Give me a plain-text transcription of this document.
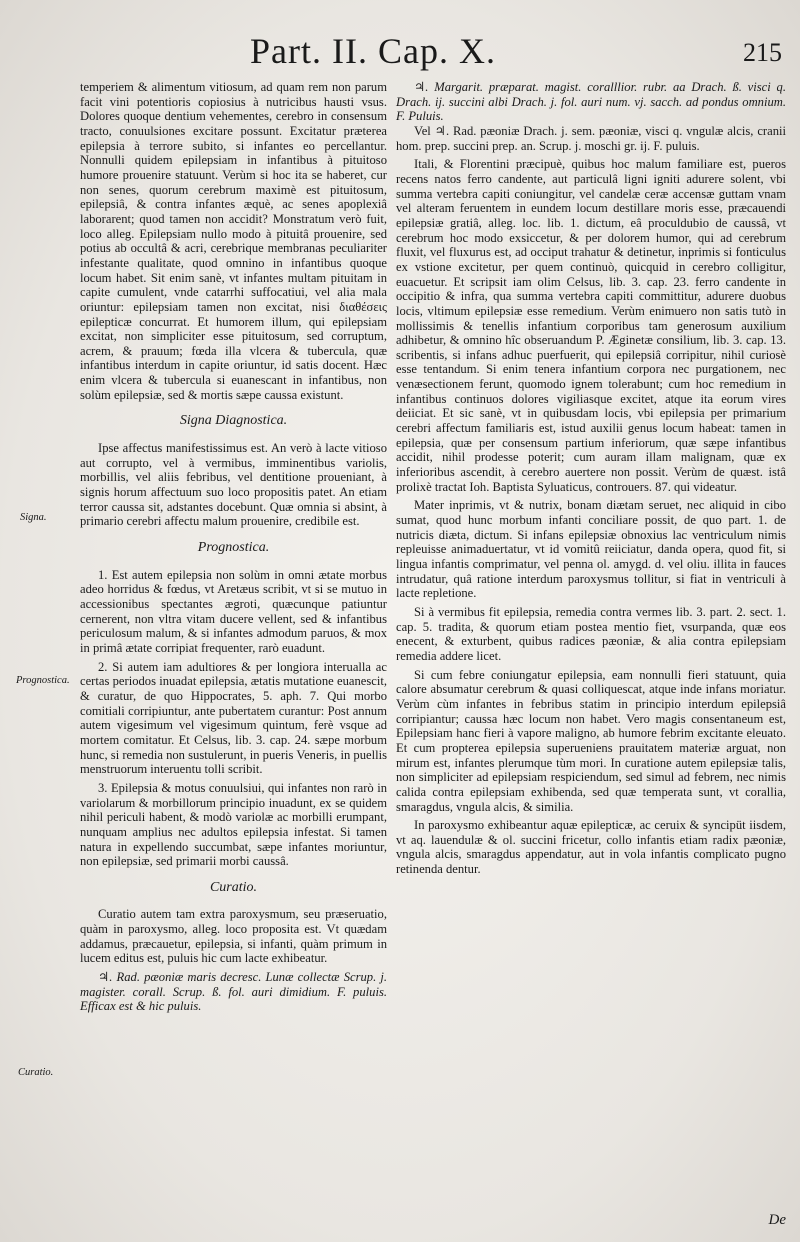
Part. II. Cap. X.	215

temperiem & alimentum vitiosum, ad quam rem non parum facit vini potentioris copiosius à nutricibus hausti vsus. Dolores quoque dentium vehementes, cerebro in consensum tracto, conuulsiones excitare possunt. Excitatur præterea epilepsia à terrore subito, si infantes eo percellantur. Nonnulli quidem epilepsiam in infantibus à pituitoso humore prouenire statuunt. Verùm si hoc ita se haberet, cur non senes, quorum cerebrum maximè est pituitosum, epilepsiâ, & contra infantes æquè, ac senes apoplexiâ laborarent; quod tamen non accidit? Monstratum verò fuit, loco alleg. Epilepsiam nullo modo à pituitâ prouenire, sed potius ab occultâ & acri, cerebrique membranas peculiariter infestante qualitate, quod omnino in infantibus quoque locum habet. Sit enim sanè, vt infantes multam pituitam in capite cumulent, vnde catarrhi suffocatiui, vel alia mala oriuntur: epilepsiam tamen non excitat, nisi διαθέσεις epilepticæ concurrat. Et humorem illum, qui epilepsiam excitat, non simpliciter esse pituitosum, sed corruptum, acrem, & prauum; fœda illa vlcera & tubercula, quæ infantibus interdum in capite oriuntur, id satis docent. Hæc enim vlcera & tubercula si euanescant in infantibus, non solùm epilepsiæ, sed & mortis sæpe caussa existunt.

Signa Diagnostica.

Ipse affectus manifestissimus est. An verò à lacte vitioso aut corrupto, vel à vermibus, imminentibus variolis, morbillis, vel aliis febribus, vel dentitione proueniant, à signis horum affectuum suo loco propositis patet. An etiam terror caussa sit, adstantes docebunt. Quæ omnia si absint, à primario cerebri affectu malum prouenire, credibile est.

Prognostica.

1. Est autem epilepsia non solùm in omni ætate morbus adeo horridus & fœdus, vt Aretæus scribit, vt si se mutuo in accessionibus spectantes ægroti, quæcunque patiuntur cernerent, non vltra vitam ducere vellent, sed & infantibus periculosum malum, & si infantes admodum paruos, & mox in primâ ætate corripiat frequenter, rarò euadunt.

2. Si autem iam adultiores & per longiora interualla ac certas periodos inuadat epilepsia, ætatis mutatione euanescit, & curatur, de quo Hippocrates, 5. aph. 7. Qui morbo comitiali corripiuntur, ante pubertatem curantur: Post annum autem vigesimum vel vigesimum quintum, ferè vsque ad mortem comitatur. Et Celsus, lib. 3. cap. 24. sæpe morbum hunc, si remedia non sustulerunt, in pueris Veneris, in puellis menstruorum interuentu tolli scribit.

3. Epilepsia & motus conuulsiui, qui infantes non rarò in variolarum & morbillorum principio inuadunt, ex se quidem nihil periculi habent, & modò variolæ ac morbilli erumpant, nunquam amplius nec adultos epilepsia infestat. Si tamen natura in expellendo succumbat, sæpe infantes moriuntur, non epilepsiæ, sed primarii morbi caussâ.

Curatio.

Curatio autem tam extra paroxysmum, seu præseruatio, quàm in paroxysmo, alleg. loco proposita est. Vt quædam addamus, præcauetur, epilepsia, si infanti, quàm primum in lucem editus est, puluis hic cum lacte exhibeatur.

♃. Rad. pæoniæ maris decresc. Lunæ collectæ Scrup. j. magister. corall. Scrup. ß. fol. auri dimidium. F. puluis. Efficax est & hic puluis.

♃. Margarit. præparat. magist. coralllior. rubr. aa Drach. ß. visci q. Drach. ij. succini albi Drach. j. fol. auri num. vj. sacch. ad pondus omnium. F. Puluis.

Vel ♃. Rad. pæoniæ Drach. j. sem. pæoniæ, visci q. vngulæ alcis, cranii hom. prep. succini prep. an. Scrup. j. moschi gr. ij. F. puluis.

Itali, & Florentini præcipuè, quibus hoc malum familiare est, pueros recens natos ferro candente, aut particulâ ligni igniti adurere solent, vbi summa vertebra capiti coniungitur, vel candelæ ceræ accensæ guttam vnam vel alteram feruentem in eundem locum destillare moris esse, præcauendi epilepsiæ gratiâ, alleg. loc. lib. 1. dictum, eâ proculdubio de caussâ, vt cerebrum hoc modo exsiccetur, & per dolorem humor, qui ad cerebrum fluxit, vel fluxurus est, ad occiput trahatur & detinetur, inprimis si fonticulus ex vstione excitetur, per quem continuò, quicquid in cerebro colligitur, euacuetur. Et scripsit iam olim Celsus, lib. 3. cap. 23. ferro candente in occipitio & infra, qua summa vertebra capiti committitur, adurere duobus locis, vltimum epilepsiæ esse remedium. Verùm enimuero non satis tutò in mollissimis & tenellis infantium corporibus tam generosum auxilium adhibetur, & omnino hîc obseruandum P. Æginetæ consilium, lib. 3. cap. 13. scribentis, si infans adhuc puerfuerit, qui epilepsiâ corripitur, nihil curiosè esse tentandum. Si enim tenera infantium corpora nec purgationem, nec venæsectionem ferunt, quomodo ignem tolerabunt; cum hoc remedium in infantibus continuos dolores vigiliasque excitet, atque ita eorum vires deiiciat. Et sic sanè, vt in quibusdam locis, vbi epilepsia per primarium cerebri affectum familiaris est, istud auxilii genus locum habeat: tamen in epilepsia, quæ per consensum partium inferiorum, quæ sæpe infantibus accidit, nihil prodesse poterit; cum auram illam malignam, quæ ex inferioribus ascendit, à cerebro auertere non possit. Verùm de quæst. istâ prolixè tractat Ioh. Baptista Syluaticus, controuers. 87. qui videatur.

Mater inprimis, vt & nutrix, bonam diætam seruet, nec aliquid in cibo sumat, quod hunc morbum infanti conciliare possit, de quo part. 1. de nutricis diæta, dictum. Si infans epilepsiæ obnoxius lac ventriculum nimis repleuisse animaduertatur, vt id vomitû reiiciatur, danda opera, quod fit, si lingua infantis comprimatur, vel penna ol. amygd. d. vel oliu. illita in fauces intrudatur, quâ ratione interdum paroxysmus tollitur, si fiat in ventriculi à lacte repletione.

Si à vermibus fit epilepsia, remedia contra vermes lib. 3. part. 2. sect. 1. cap. 5. tradita, & quorum etiam postea mentio fiet, vsurpanda, quæ eos enecent, & exturbent, quibus radices pæoniæ, & alia contra epilepsiam remedia addere licet.

Si cum febre coniungatur epilepsia, eam nonnulli fieri statuunt, quia calore absumatur cerebrum & quasi colliquescat, atque inde infans moriatur. Verùm cùm infantes in febribus statim in principio interdum epilepsiâ corripiantur; caussa hæc locum non habet. Vero magis consentaneum est, Epilepsiam hanc fieri à vapore maligno, ab humore febrim excitante eleuato. Et cum propterea epilepsia superueniens prauitatem materiæ arguat, non mirum est, infantes plerumque tùm mori. In curatione autem epilepsiæ talis, non simpliciter ad epilepsiam respiciendum, sed simul ad febrem, nec nimis calida contra epilepsiam exhibenda, sed quæ temperata sunt, vt corallia, smaragdus, vngula alcis, & similia.

In paroxysmo exhibeantur aquæ epilepticæ, ac ceruix & syncipüt iisdem, vt aq. lauendulæ & ol. succini fricetur, collo infantis etiam radix pæoniæ, vngula alcis, smaragdus appendatur, aut in vola infantis complicato pugno retinenda dentur.

Signa.
Prognostica.
Curatio.
De
